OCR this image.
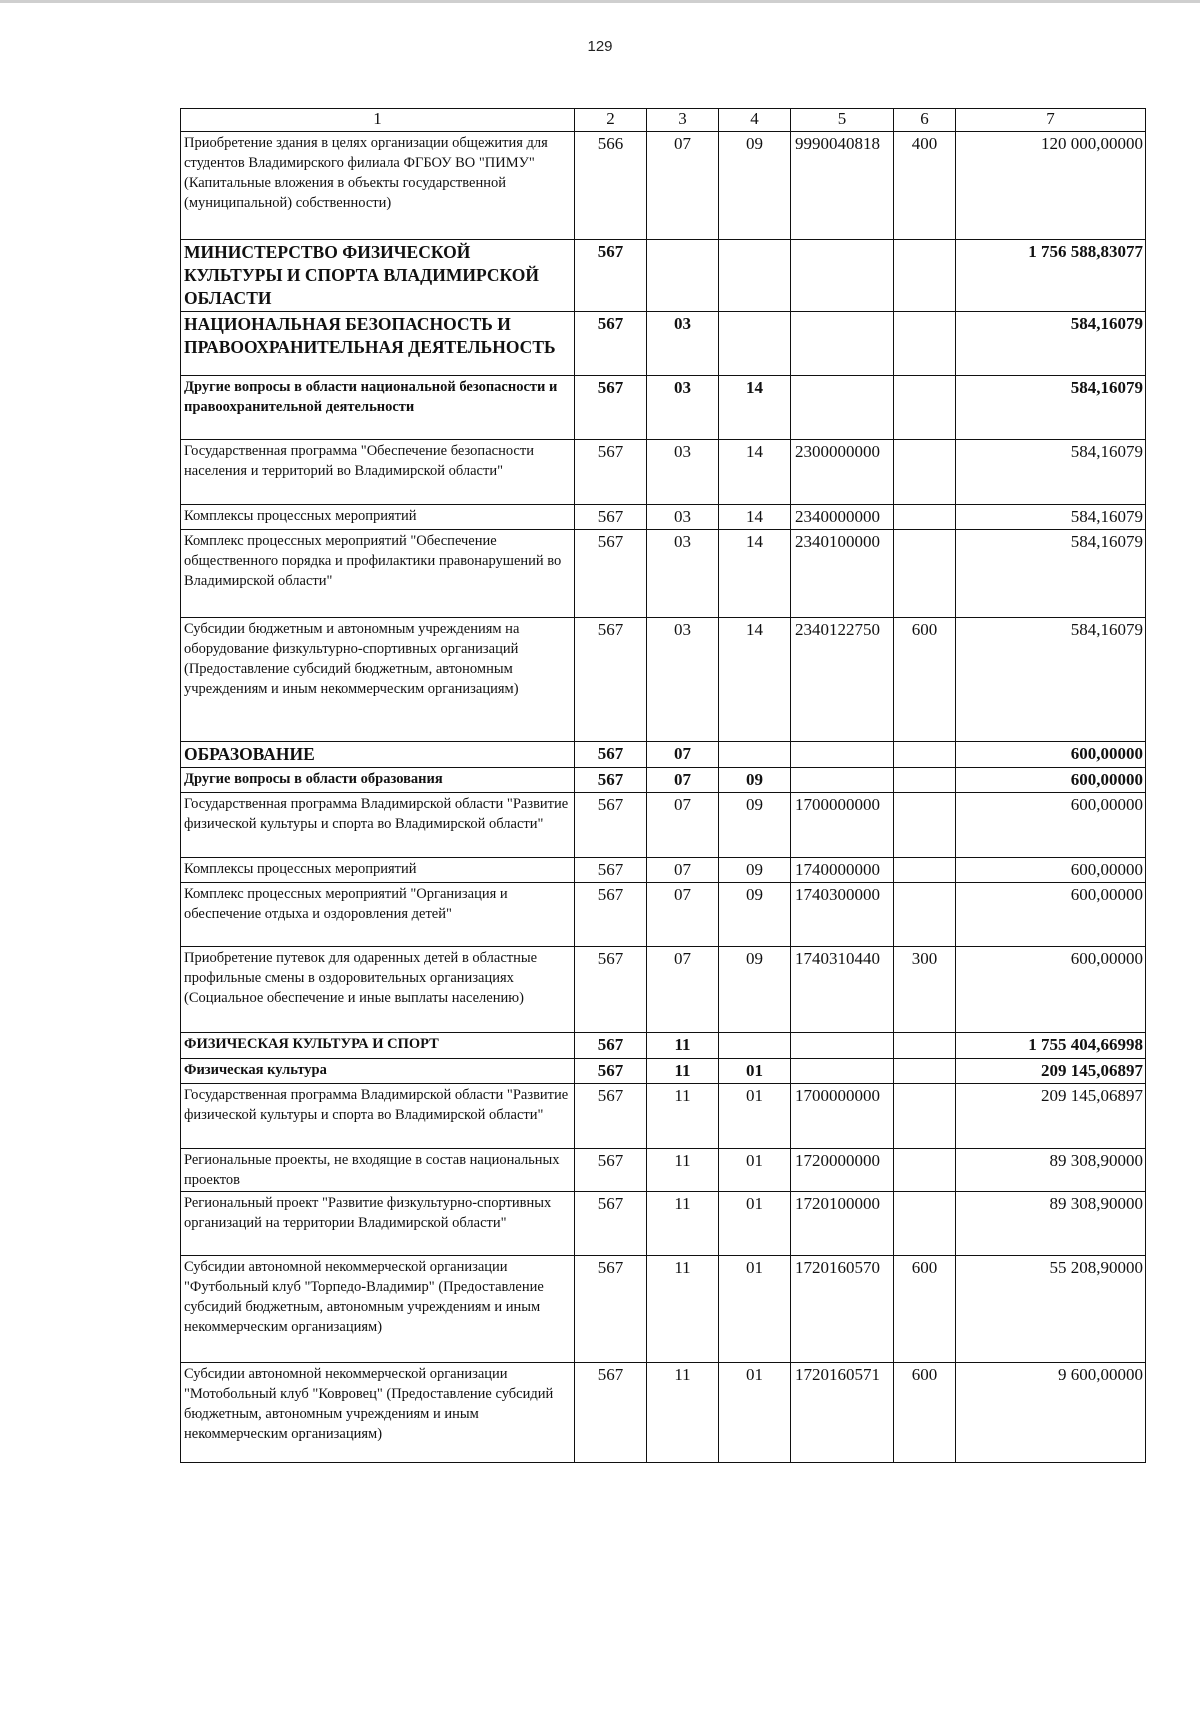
129
1	2	3	4	5	6	7
Приобретение здания в целях организации общежития для студентов Владимирского филиала ФГБОУ ВО "ПИМУ" (Капитальные вложения в объекты государственной (муниципальной) собственности)	566	07	09	9990040818	400	120 000,00000
МИНИСТЕРСТВО ФИЗИЧЕСКОЙ КУЛЬТУРЫ И СПОРТА ВЛАДИМИРСКОЙ ОБЛАСТИ	567					1 756 588,83077
НАЦИОНАЛЬНАЯ БЕЗОПАСНОСТЬ И ПРАВООХРАНИТЕЛЬНАЯ ДЕЯТЕЛЬНОСТЬ	567	03				584,16079
Другие вопросы в области национальной безопасности и правоохранительной деятельности	567	03	14			584,16079
Государственная программа "Обеспечение безопасности населения и территорий во Владимирской области"	567	03	14	2300000000		584,16079
Комплексы процессных мероприятий	567	03	14	2340000000		584,16079
Комплекс процессных мероприятий "Обеспечение общественного порядка и профилактики правонарушений во Владимирской области"	567	03	14	2340100000		584,16079
Субсидии бюджетным и автономным учреждениям на оборудование физкультурно-спортивных организаций (Предоставление субсидий бюджетным, автономным учреждениям и иным некоммерческим организациям)	567	03	14	2340122750	600	584,16079
ОБРАЗОВАНИЕ	567	07				600,00000
Другие вопросы в области образования	567	07	09			600,00000
Государственная программа Владимирской области "Развитие физической культуры и спорта во Владимирской области"	567	07	09	1700000000		600,00000
Комплексы процессных мероприятий	567	07	09	1740000000		600,00000
Комплекс процессных мероприятий "Организация и обеспечение отдыха и оздоровления детей"	567	07	09	1740300000		600,00000
Приобретение путевок для одаренных детей в областные профильные смены в оздоровительных организациях (Социальное обеспечение и иные выплаты населению)	567	07	09	1740310440	300	600,00000
ФИЗИЧЕСКАЯ КУЛЬТУРА И СПОРТ	567	11				1 755 404,66998
Физическая культура	567	11	01			209 145,06897
Государственная программа Владимирской области "Развитие физической культуры и спорта во Владимирской области"	567	11	01	1700000000		209 145,06897
Региональные проекты, не входящие в состав национальных проектов	567	11	01	1720000000		89 308,90000
Региональный проект "Развитие физкультурно-спортивных организаций на территории Владимирской области"	567	11	01	1720100000		89 308,90000
Субсидии автономной некоммерческой организации "Футбольный клуб "Торпедо-Владимир" (Предоставление субсидий бюджетным, автономным учреждениям и иным некоммерческим организациям)	567	11	01	1720160570	600	55 208,90000
Субсидии автономной некоммерческой организации "Мотобольный клуб "Ковровец" (Предоставление субсидий бюджетным, автономным учреждениям и иным некоммерческим организациям)	567	11	01	1720160571	600	9 600,00000
